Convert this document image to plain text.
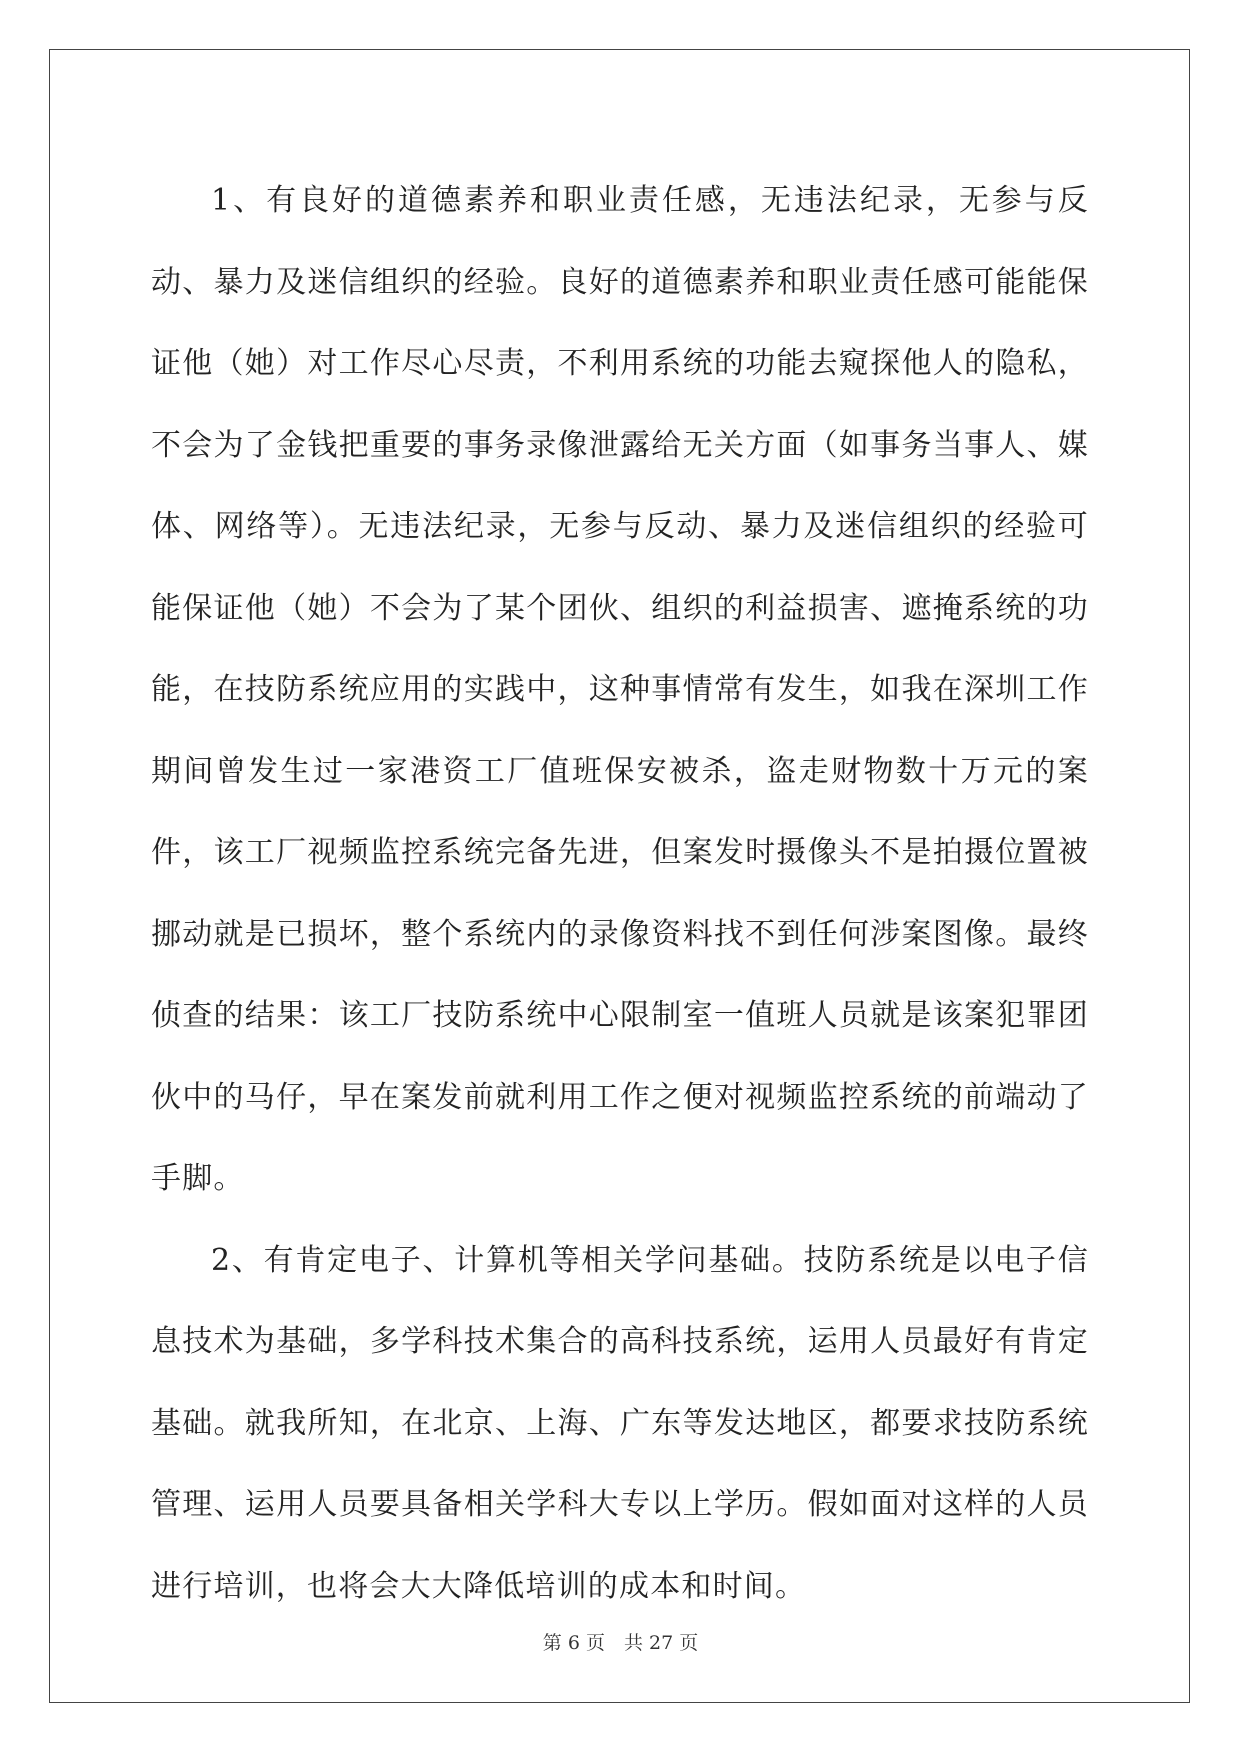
1、有良好的道德素养和职业责任感，无违法纪录，无参与反动、暴力及迷信组织的经验。良好的道德素养和职业责任感可能能保证他（她）对工作尽心尽责，不利用系统的功能去窥探他人的隐私，不会为了金钱把重要的事务录像泄露给无关方面（如事务当事人、媒体、网络等）。无违法纪录，无参与反动、暴力及迷信组织的经验可能保证他（她）不会为了某个团伙、组织的利益损害、遮掩系统的功能，在技防系统应用的实践中，这种事情常有发生，如我在深圳工作期间曾发生过一家港资工厂值班保安被杀，盗走财物数十万元的案件，该工厂视频监控系统完备先进，但案发时摄像头不是拍摄位置被挪动就是已损坏，整个系统内的录像资料找不到任何涉案图像。最终侦查的结果：该工厂技防系统中心限制室一值班人员就是该案犯罪团伙中的马仔，早在案发前就利用工作之便对视频监控系统的前端动了手脚。

2、有肯定电子、计算机等相关学问基础。技防系统是以电子信息技术为基础，多学科技术集合的高科技系统，运用人员最好有肯定基础。就我所知，在北京、上海、广东等发达地区，都要求技防系统管理、运用人员要具备相关学科大专以上学历。假如面对这样的人员进行培训，也将会大大降低培训的成本和时间。

第 6 页　共 27 页
